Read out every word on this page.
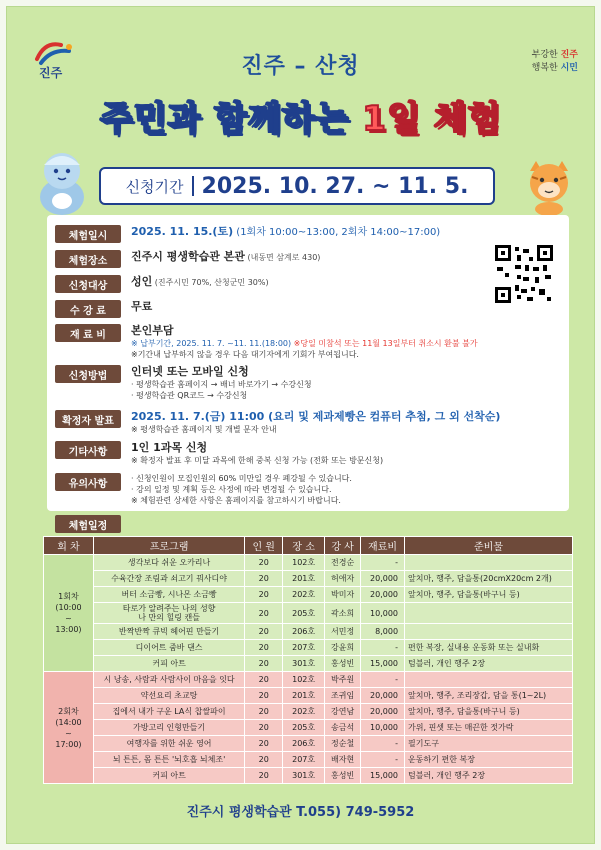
진주
부강한 진주
행복한 시민
진주 – 산청
주민과 함께하는 1일 체험
신청기간 2025. 10. 27. ~ 11. 5.
체험일시	2025. 11. 15.(토) (1회차 10:00~13:00, 2회차 14:00~17:00)
체험장소	진주시 평생학습관 본관 (내동면 삼계로 430)
신청대상	성인 (진주시민 70%, 산청군민 30%)
수 강 료	무료
재 료 비	본인부담
※ 납부기간, 2025. 11. 7. ~11. 11.(18:00) ※당일 미참석 또는 11월 13일부터 취소시 환불 불가
※기간내 납부하지 않을 경우 다음 대기자에게 기회가 부여됩니다.
신청방법	인터넷 또는 모바일 신청
· 평생학습관 홈페이지 → 배너 바로가기 → 수강신청
· 평생학습관 QR코드 → 수강신청
확정자 발표	2025. 11. 7.(금) 11:00 (요리 및 제과제빵은 컴퓨터 추첨, 그 외 선착순)
※ 평생학습관 홈페이지 및 개별 문자 안내
기타사항	1인 1과목 신청
※ 확정자 발표 후 미달 과목에 한해 중복 신청 가능 (전화 또는 방문신청)
유의사항	· 신청인원이 모집인원의 60% 미만일 경우 폐강될 수 있습니다.
· 강의 일정 및 계획 등은 사정에 따라 변경될 수 있습니다.
※ 체험관련 상세한 사항은 홈페이지를 참고하시기 바랍니다.
체험일정
회 차	프로그램	인 원	장 소	강 사	재료비	준비물
1회차
(10:00
~
13:00)	생각보다 쉬운 오카리나	20	102호	전경순	-	
	수육간장 조림과 쇠고기 꿔사디야	20	201호	허애자	20,000	앞치마, 행주, 담을통(20cmX20cm 2개)
	버터 소금빵, 시나몬 소금빵	20	202호	박미자	20,000	앞치마, 행주, 담을통(바구니 등)
	타로가 알려주는 나의 성향
나 만의 힐링 캔들	20	205호	곽소희	10,000	
	반짝반짝 큐빅 헤어핀 만들기	20	206호	서민정	8,000	
	디이어트 줌바 댄스	20	207호	강윤희	-	편한 복장, 실내용 운동화 또는 실내화
	커피 아트	20	301호	홍성빈	15,000	텀블러, 개인 행주 2장
2회차
(14:00
~
17:00)	시 낭송, 사람과 사람사이 마음을 잇다	20	102호	박주원	-	
	약선요리 초교탕	20	201호	조귀임	20,000	앞치마, 행주, 조리장갑, 담을 통(1~2L)
	집에서 내가 구운 LA식 찹쌀파이	20	202호	강연남	20,000	앞치마, 행주, 담을통(바구니 등)
	가방고리 인형만들기	20	205호	송금석	10,000	가위, 핀셋 또는 매끈한 젓가락
	여행자를 위한 쉬운 영어	20	206호	정순철	-	필기도구
	뇌 튼튼, 몸 튼튼 '뇌호흡 뇌체조'	20	207호	배자현	-	운동하기 편한 복장
	커피 아트	20	301호	홍성빈	15,000	텀블러, 개인 행주 2장
진주시 평생학습관 T.055) 749-5952
